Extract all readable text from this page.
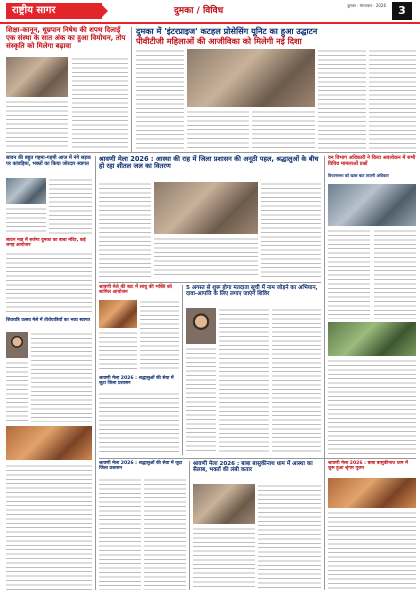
राष्ट्रीय सागर	दुमका / विविध
दुमका · मंगलवार · 2026	3
शिक्षा-कानून, धूम्रपान निषेध की शपथ दिलाई एक संस्था के सात अंक का हुआ विमोचन, तोप संस्कृति को मिलेगा बढ़ावा
दुमका में 'इंटरप्राइज' कटहल प्रोसेसिंग यूनिट का हुआ उद्घाटन
पीवीटीजी महिलाओं की आजीविका को मिलेगी नई दिशा
सावन की बहुत गहमा-गहमी आज में नंगे सड़क पर कांवड़िया, भक्तों का किया जोरदार स्वागत
सावन माह में सजेगा दुमका का बाबा मंदिर, कई जगह आयोजन
शिवरात्रि उत्सव मेले में तीर्थयात्रियों का भव्य स्वागत
श्रावणी मेला 2026 : आस्था की राह में जिला प्रशासन की अनूठी पहल, श्रद्धालुओं के बीच हो रहा शीतल जल का वितरण
वन विभाग अधिकारी ने किया अवलोकन में सभी विविध मामलाओं प्रश्नों
विधानसभा को खास बात लाएगी अधिकार
श्रावणी मेले की बाट में साधु की भक्ति को शामिल आयोजन
श्रावणी मेला 2026 : श्रद्धालुओं की सेवा में जुटा जिला प्रशासन
5 अगस्त से शुरू होगा मतदाता सूची में नाम जोड़ने का अभियान, दावा-आपत्ति के लिए लगाए जाएंगे शिविर
श्रावणी मेला 2026 : श्रद्धालुओं की सेवा में जुटा जिला प्रशासन
श्रावणी मेला 2026 : बाबा बासुकीनाथ धाम में आस्था का सैलाब, भक्तों की लंबी कतार
श्रावणी मेला 2026 : बाबा बासुकीनाथ धाम में शुरू हुआ श्रृंगार पूजन
